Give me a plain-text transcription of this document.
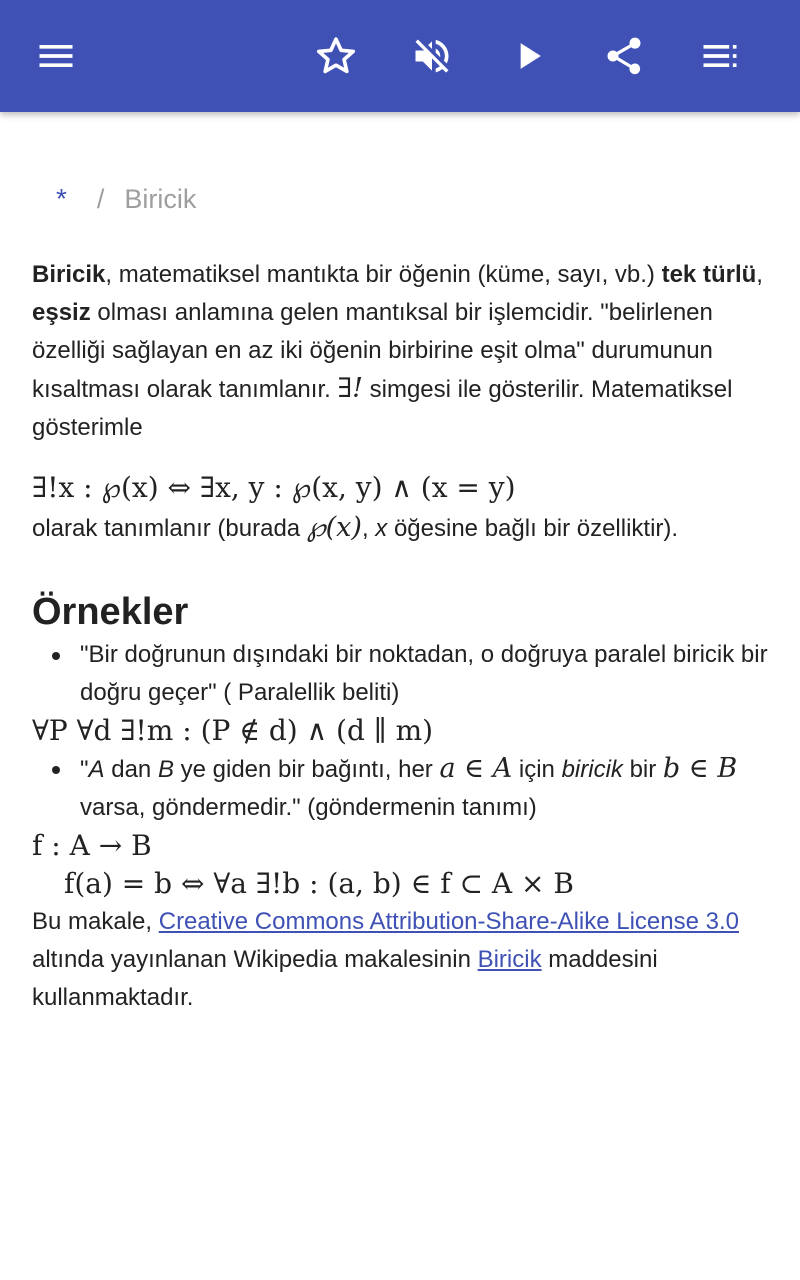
* / Biricik

Biricik, matematiksel mantıkta bir öğenin (küme, sayı, vb.) tek türlü, eşsiz olması anlamına gelen mantıksal bir işlemcidir. "belirlenen özelliği sağlayan en az iki öğenin birbirine eşit olma" durumunun kısaltması olarak tanımlanır. ∃! simgesi ile gösterilir. Matematiksel gösterimle

∃!x : ℘(x) ⇔ ∃x, y : ℘(x, y) ∧ (x = y)

olarak tanımlanır (burada ℘(x), x öğesine bağlı bir özelliktir).

Örnekler
"Bir doğrunun dışındaki bir noktadan, o doğruya paralel biricik bir doğru geçer" ( Paralellik beliti)
∀P ∀d ∃!m : (P ∉ d) ∧ (d ∥ m)
"A dan B ye giden bir bağıntı, her a ∈ A için biricik bir b ∈ B varsa, göndermedir." (göndermenin tanımı)
f : A → B
f(a) = b ⇔ ∀a ∃!b : (a, b) ∈ f ⊂ A × B

Bu makale, Creative Commons Attribution-Share-Alike License 3.0 altında yayınlanan Wikipedia makalesinin Biricik maddesini kullanmaktadır.
